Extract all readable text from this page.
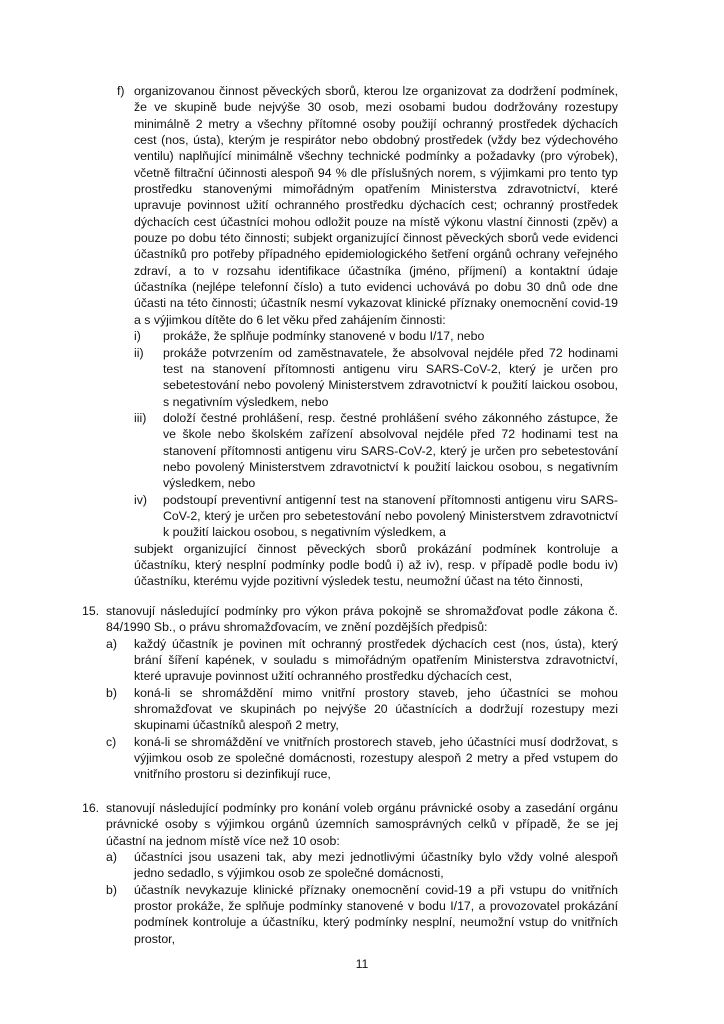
f) organizovanou činnost pěveckých sborů, kterou lze organizovat za dodržení podmínek, že ve skupině bude nejvýše 30 osob, mezi osobami budou dodržovány rozestupy minimálně 2 metry a všechny přítomné osoby použijí ochranný prostředek dýchacích cest (nos, ústa), kterým je respirátor nebo obdobný prostředek (vždy bez výdechového ventilu) naplňující minimálně všechny technické podmínky a požadavky (pro výrobek), včetně filtrační účinnosti alespoň 94 % dle příslušných norem, s výjimkami pro tento typ prostředku stanovenými mimořádným opatřením Ministerstva zdravotnictví, které upravuje povinnost užití ochranného prostředku dýchacích cest; ochranný prostředek dýchacích cest účastníci mohou odložit pouze na místě výkonu vlastní činnosti (zpěv) a pouze po dobu této činnosti; subjekt organizující činnost pěveckých sborů vede evidenci účastníků pro potřeby případného epidemiologického šetření orgánů ochrany veřejného zdraví, a to v rozsahu identifikace účastníka (jméno, příjmení) a kontaktní údaje účastníka (nejlépe telefonní číslo) a tuto evidenci uchovává po dobu 30 dnů ode dne účasti na této činnosti; účastník nesmí vykazovat klinické příznaky onemocnění covid-19 a s výjimkou dítěte do 6 let věku před zahájením činnosti:
i) prokáže, že splňuje podmínky stanovené v bodu I/17, nebo
ii) prokáže potvrzením od zaměstnavatele, že absolvoval nejdéle před 72 hodinami test na stanovení přítomnosti antigenu viru SARS-CoV-2, který je určen pro sebetestování nebo povolený Ministerstvem zdravotnictví k použití laickou osobou, s negativním výsledkem, nebo
iii) doloží čestné prohlášení, resp. čestné prohlášení svého zákonného zástupce, že ve škole nebo školském zařízení absolvoval nejdéle před 72 hodinami test na stanovení přítomnosti antigenu viru SARS-CoV-2, který je určen pro sebetestování nebo povolený Ministerstvem zdravotnictví k použití laickou osobou, s negativním výsledkem, nebo
iv) podstoupí preventivní antigenní test na stanovení přítomnosti antigenu viru SARS-CoV-2, který je určen pro sebetestování nebo povolený Ministerstvem zdravotnictví k použití laickou osobou, s negativním výsledkem, a
subjekt organizující činnost pěveckých sborů prokázání podmínek kontroluje a účastníku, který nesplní podmínky podle bodů i) až iv), resp. v případě podle bodu iv) účastníku, kterému vyjde pozitivní výsledek testu, neumožní účast na této činnosti,
15. stanovují následující podmínky pro výkon práva pokojně se shromažďovat podle zákona č. 84/1990 Sb., o právu shromažďovacím, ve znění pozdějších předpisů:
a) každý účastník je povinen mít ochranný prostředek dýchacích cest (nos, ústa), který brání šíření kapének, v souladu s mimořádným opatřením Ministerstva zdravotnictví, které upravuje povinnost užití ochranného prostředku dýchacích cest,
b) koná-li se shromáždění mimo vnitřní prostory staveb, jeho účastníci se mohou shromažďovat ve skupinách po nejvýše 20 účastnících a dodržují rozestupy mezi skupinami účastníků alespoň 2 metry,
c) koná-li se shromáždění ve vnitřních prostorech staveb, jeho účastníci musí dodržovat, s výjimkou osob ze společné domácnosti, rozestupy alespoň 2 metry a před vstupem do vnitřního prostoru si dezinfikují ruce,
16. stanovují následující podmínky pro konání voleb orgánu právnické osoby a zasedání orgánu právnické osoby s výjimkou orgánů územních samosprávných celků v případě, že se jej účastní na jednom místě více než 10 osob:
a) účastníci jsou usazeni tak, aby mezi jednotlivými účastníky bylo vždy volné alespoň jedno sedadlo, s výjimkou osob ze společné domácnosti,
b) účastník nevykazuje klinické příznaky onemocnění covid-19 a při vstupu do vnitřních prostor prokáže, že splňuje podmínky stanovené v bodu I/17, a provozovatel prokázání podmínek kontroluje a účastníku, který podmínky nesplní, neumožní vstup do vnitřních prostor,
11
